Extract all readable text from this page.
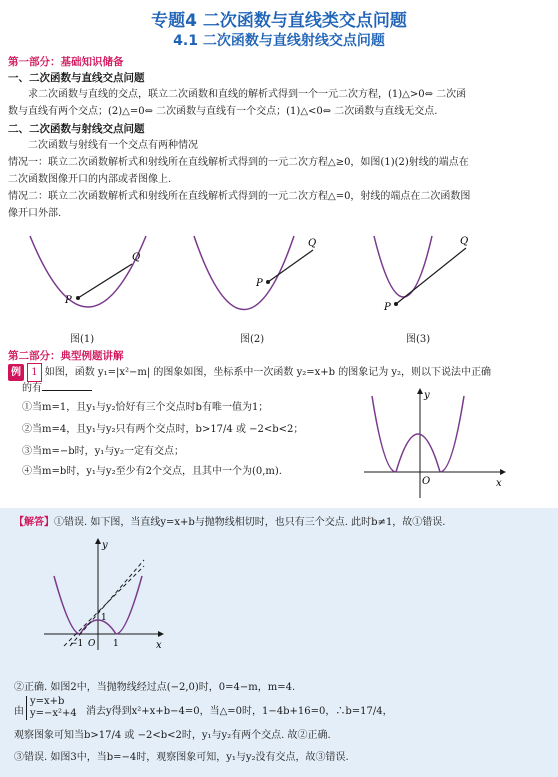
专题4 二次函数与直线类交点问题
4.1 二次函数与直线射线交点问题
第一部分：基础知识储备
一、二次函数与直线交点问题
求二次函数与直线的交点，联立二次函数和直线的解析式得到一个一元二次方程，(1)△>0⇔ 二次函
数与直线有两个交点；(2)△=0⇔ 二次函数与直线有一个交点；(1)△<0⇔ 二次函数与直线无交点.
二、二次函数与射线交点问题
二次函数与射线有一个交点有两种情况
情况一：联立二次函数解析式和射线所在直线解析式得到的一元二次方程△≥0，如图(1)(2)射线的端点在
二次函数图像开口的内部或者图像上.
情况二：联立二次函数解析式和射线所在直线解析式得到的一元二次方程△=0，射线的端点在二次函数图
像开口外部.
P
Q
图(1)
P
Q
图(2)
P
Q
图(3)
第二部分：典型例题讲解
例 1 如图，函数 y₁=|x²−m| 的图象如图，坐标系中一次函数 y₂=x+b 的图象记为 y₂，则以下说法中正确
的有
①当m=1，且y₁与y₂恰好有三个交点时b有唯一值为1；
②当m=4，且y₁与y₂只有两个交点时，b>17/4 或 −2<b<2；
③当m=−b时，y₁与y₂一定有交点；
④当m=b时，y₁与y₂至少有2个交点，且其中一个为(0,m).
y
x
O
【解答】①错误. 如下图，当直线y=x+b与抛物线相切时，也只有三个交点. 此时b≠1，故①错误.
y
x
O
−1	1
1
②正确. 如图2中，当抛物线经过点(−2,0)时，0=4−m，m=4.
由
y=x+b
y=−x²+4 消去y得到x²+x+b−4=0，当△=0时，1−4b+16=0，∴b=17/4，
观察图象可知当b>17/4 或 −2<b<2时，y₁与y₂有两个交点. 故②正确.
③错误. 如图3中，当b=−4时，观察图象可知，y₁与y₂没有交点，故③错误.
